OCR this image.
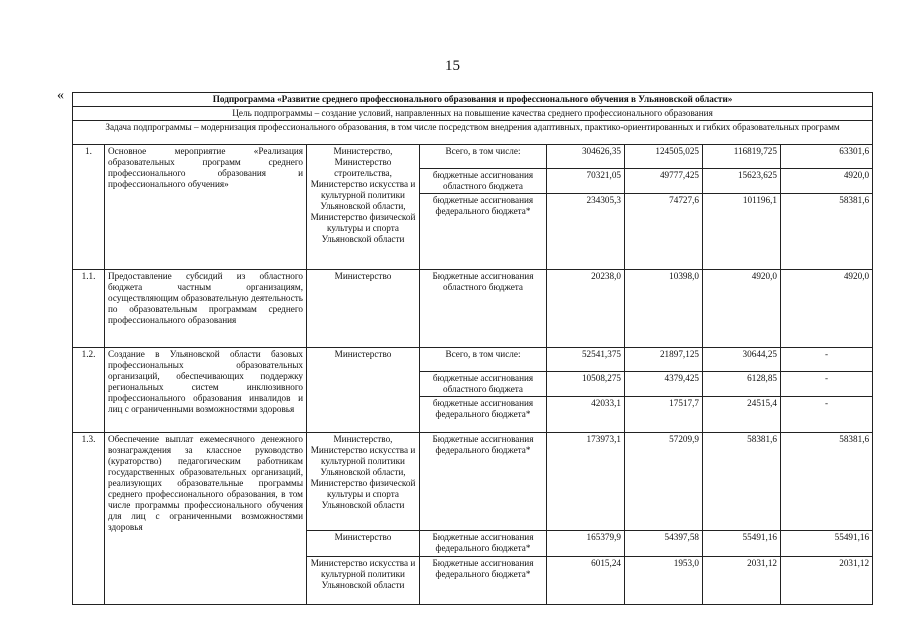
15
«	Подпрограмма «Развитие среднего профессионального образования и профессионального обучения в Ульяновской области»							
Цель подпрограммы – создание условий, направленных на повышение качества среднего профессионального образования							
Задача подпрограммы – модернизация профессионального образования, в том числе посредством внедрения адаптивных, практико-ориентированных и гибких образовательных программ							
1.	Основное мероприятие «Реализация образовательных программ среднего профессионального образования и профессионального обучения»	Министерство, Министерство строительства, Министерство искусства и культурной политики Ульяновской области, Министерство физической культуры и спорта Ульяновской области	Всего, в том числе:	304626,35	124505,025	116819,725	63301,6
			бюджетные ассигнования областного бюджета	70321,05	49777,425	15623,625	4920,0
			бюджетные ассигнования федерального бюджета*	234305,3	74727,6	101196,1	58381,6
1.1.	Предоставление субсидий из областного бюджета частным организациям, осуществляющим образовательную деятельность по образовательным программам среднего профессионального образования	Министерство	Бюджетные ассигнования областного бюджета	20238,0	10398,0	4920,0	4920,0
1.2.	Создание в Ульяновской области базовых профессиональных образовательных организаций, обеспечивающих поддержку региональных систем инклюзивного профессионального образования инвалидов и лиц с ограниченными возможностями здоровья	Министерство	Всего, в том числе:	52541,375	21897,125	30644,25	-
			бюджетные ассигнования областного бюджета	10508,275	4379,425	6128,85	-
			бюджетные ассигнования федерального бюджета*	42033,1	17517,7	24515,4	-
1.3.	Обеспечение выплат ежемесячного денежного вознаграждения за классное руководство (кураторство) педагогическим работникам государственных образовательных организаций, реализующих образовательные программы среднего профессионального образования, в том числе программы профессионального обучения для лиц с ограниченными возможностями здоровья	Министерство, Министерство искусства и культурной политики Ульяновской области, Министерство физической культуры и спорта Ульяновской области	Бюджетные ассигнования федерального бюджета*	173973,1	57209,9	58381,6	58381,6
		Министерство	Бюджетные ассигнования федерального бюджета*	165379,9	54397,58	55491,16	55491,16
		Министерство искусства и культурной политики Ульяновской области	Бюджетные ассигнования федерального бюджета*	6015,24	1953,0	2031,12	2031,12
